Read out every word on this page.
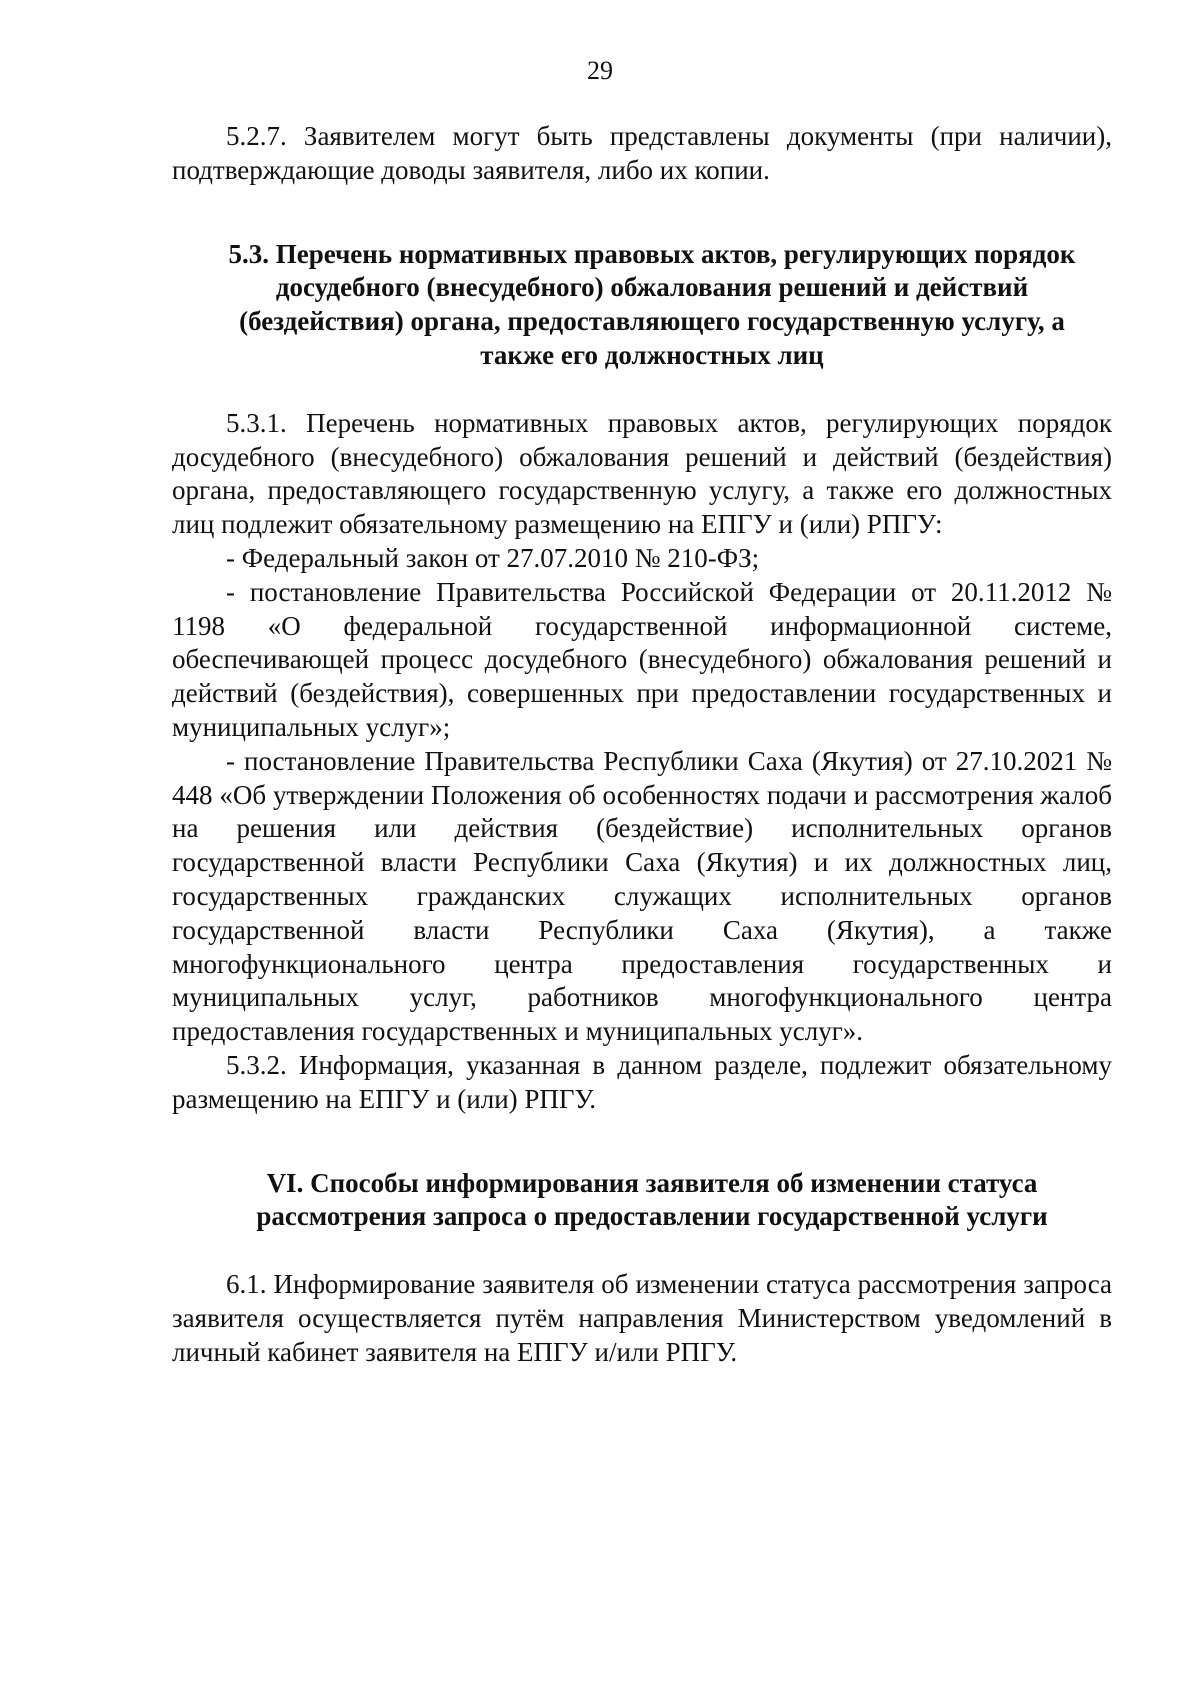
29

5.2.7. Заявителем могут быть представлены документы (при наличии), подтверждающие доводы заявителя, либо их копии.

5.3. Перечень нормативных правовых актов, регулирующих порядок досудебного (внесудебного) обжалования решений и действий (бездействия) органа, предоставляющего государственную услугу, а также его должностных лиц

5.3.1. Перечень нормативных правовых актов, регулирующих порядок досудебного (внесудебного) обжалования решений и действий (бездействия) органа, предоставляющего государственную услугу, а также его должностных лиц подлежит обязательному размещению на ЕПГУ и (или) РПГУ:

- Федеральный закон от 27.07.2010 № 210-ФЗ;

- постановление Правительства Российской Федерации от 20.11.2012 № 1198 «О федеральной государственной информационной системе, обеспечивающей процесс досудебного (внесудебного) обжалования решений и действий (бездействия), совершенных при предоставлении государственных и муниципальных услуг»;

- постановление Правительства Республики Саха (Якутия) от 27.10.2021 № 448 «Об утверждении Положения об особенностях подачи и рассмотрения жалоб на решения или действия (бездействие) исполнительных органов государственной власти Республики Саха (Якутия) и их должностных лиц, государственных гражданских служащих исполнительных органов государственной власти Республики Саха (Якутия), а также многофункционального центра предоставления государственных и муниципальных услуг, работников многофункционального центра предоставления государственных и муниципальных услуг».

5.3.2. Информация, указанная в данном разделе, подлежит обязательному размещению на ЕПГУ и (или) РПГУ.

VI. Способы информирования заявителя об изменении статуса рассмотрения запроса о предоставлении государственной услуги

6.1. Информирование заявителя об изменении статуса рассмотрения запроса заявителя осуществляется путём направления Министерством уведомлений в личный кабинет заявителя на ЕПГУ и/или РПГУ.
